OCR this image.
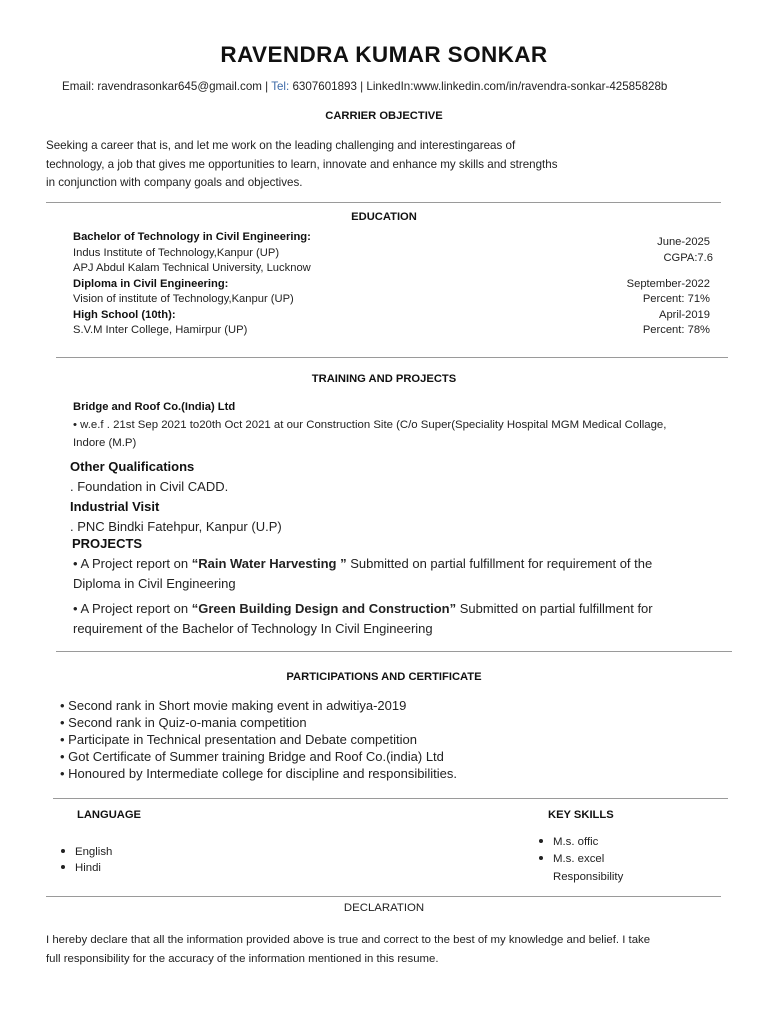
RAVENDRA KUMAR SONKAR
Email: ravendrasonkar645@gmail.com | Tel: 6307601893 | LinkedIn:www.linkedin.com/in/ravendra-sonkar-42585828b
CARRIER OBJECTIVE
Seeking a career that is, and let me work on the leading challenging and interestingareas of
technology, a job that gives me opportunities to learn, innovate and enhance my skills and strengths
in conjunction with company goals and objectives.
EDUCATION
Bachelor of Technology in Civil Engineering:
Indus Institute of Technology,Kanpur (UP)
APJ Abdul Kalam Technical University, Lucknow
June-2025
CGPA:7.6
Diploma in Civil Engineering:
Vision of institute of Technology,Kanpur (UP)
September-2022
Percent: 71%
High School (10th):
S.V.M Inter College, Hamirpur (UP)
April-2019
Percent: 78%
TRAINING AND PROJECTS
Bridge and Roof Co.(India) Ltd
• w.e.f . 21st Sep 2021 to20th Oct 2021 at our Construction Site (C/o Super(Speciality Hospital MGM Medical Collage,
Indore (M.P)
Other Qualifications
. Foundation in Civil CADD.
Industrial Visit
. PNC Bindki Fatehpur, Kanpur (U.P)
PROJECTS
• A Project report on “Rain Water Harvesting ” Submitted on partial fulfillment for requirement of the
Diploma in Civil Engineering
• A Project report on “Green Building Design and Construction” Submitted on partial fulfillment for
requirement of the Bachelor of Technology In Civil Engineering
PARTICIPATIONS AND CERTIFICATE
• Second rank in Short movie making event in adwitiya-2019
• Second rank in Quiz-o-mania competition
• Participate in Technical presentation and Debate competition
• Got Certificate of Summer training Bridge and Roof Co.(india) Ltd
• Honoured by Intermediate college for discipline and responsibilities.
LANGUAGE	KEY SKILLS
English
Hindi
M.s. offic
M.s. excel
Responsibility
DECLARATION
I hereby declare that all the information provided above is true and correct to the best of my knowledge and belief. I take
full responsibility for the accuracy of the information mentioned in this resume.
